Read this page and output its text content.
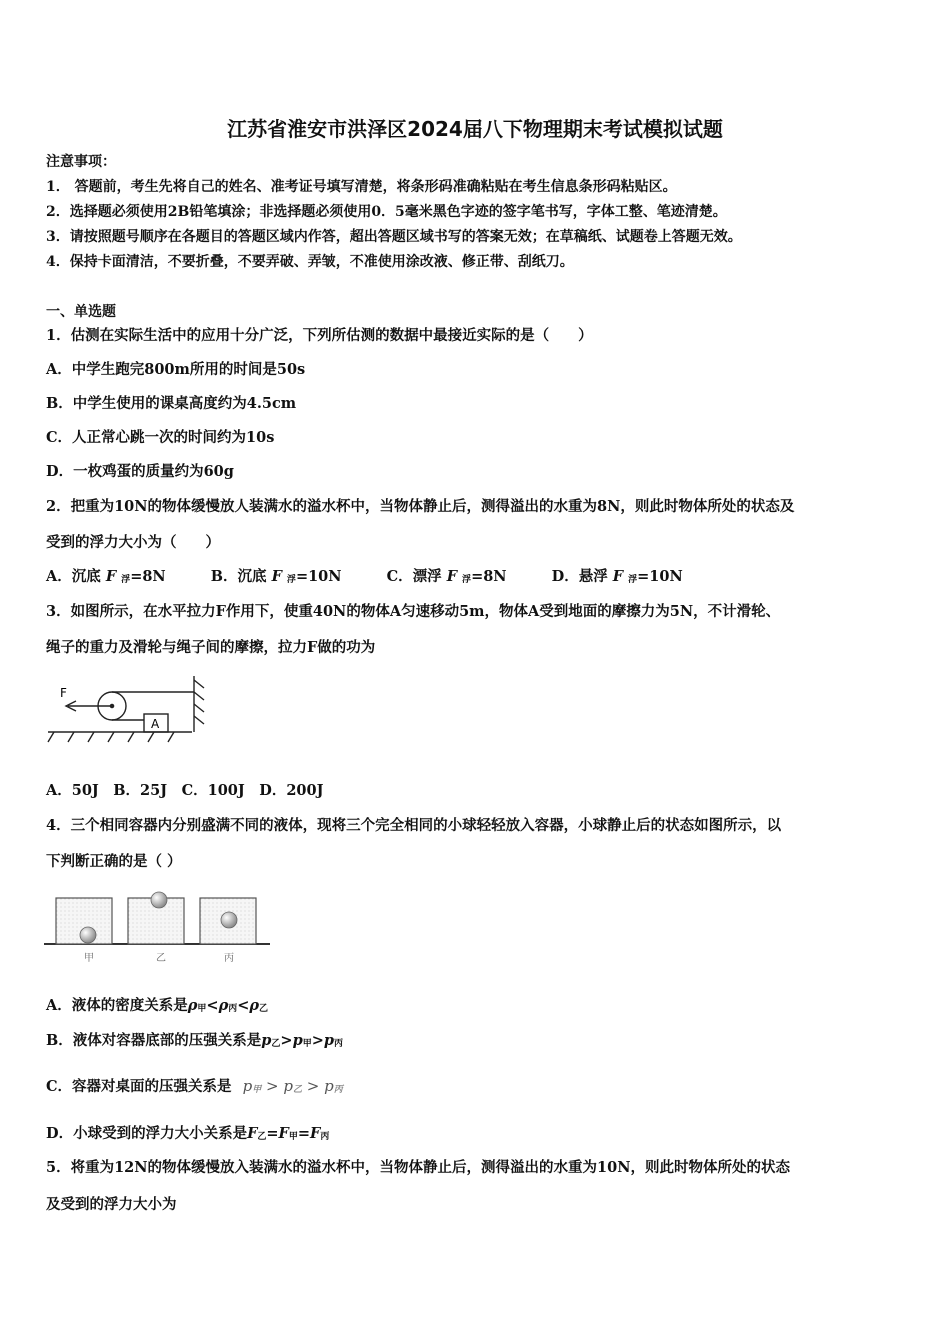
江苏省淮安市洪泽区2024届八下物理期末考试模拟试题
注意事项：
1． 答题前，考生先将自己的姓名、准考证号填写清楚，将条形码准确粘贴在考生信息条形码粘贴区。
2．选择题必须使用2B铅笔填涂；非选择题必须使用0．5毫米黑色字迹的签字笔书写，字体工整、笔迹清楚。
3．请按照题号顺序在各题目的答题区域内作答，超出答题区域书写的答案无效；在草稿纸、试题卷上答题无效。
4．保持卡面清洁，不要折叠，不要弄破、弄皱，不准使用涂改液、修正带、刮纸刀。
一、单选题
1．估测在实际生活中的应用十分广泛，下列所估测的数据中最接近实际的是（　　）
A．中学生跑完800m所用的时间是50s
B．中学生使用的课桌高度约为4.5cm
C．人正常心跳一次的时间约为10s
D．一枚鸡蛋的质量约为60g
2．把重为10N的物体缓慢放人装满水的溢水杯中，当物体静止后，测得溢出的水重为8N，则此时物体所处的状态及
受到的浮力大小为（　　）
A．沉底 F 浮=8N	B．沉底 F 浮=10N	C．漂浮 F 浮=8N	D．悬浮 F 浮=10N
3．如图所示，在水平拉力F作用下，使重40N的物体A匀速移动5m，物体A受到地面的摩擦力为5N，不计滑轮、
绳子的重力及滑轮与绳子间的摩擦，拉力F做的功为
F
A
A．50J　B．25J　C．100J　D．200J
4．三个相同容器内分别盛满不同的液体，现将三个完全相同的小球轻轻放入容器，小球静止后的状态如图所示，以
下判断正确的是（ ）
甲	乙	丙
A．液体的密度关系是ρ甲<ρ丙<ρ乙
B．液体对容器底部的压强关系是p乙>p甲>p丙
C．容器对桌面的压强关系是 p甲 > p乙 > p丙
D．小球受到的浮力大小关系是F乙=F甲=F丙
5．将重为12N的物体缓慢放入装满水的溢水杯中，当物体静止后，测得溢出的水重为10N，则此时物体所处的状态
及受到的浮力大小为
